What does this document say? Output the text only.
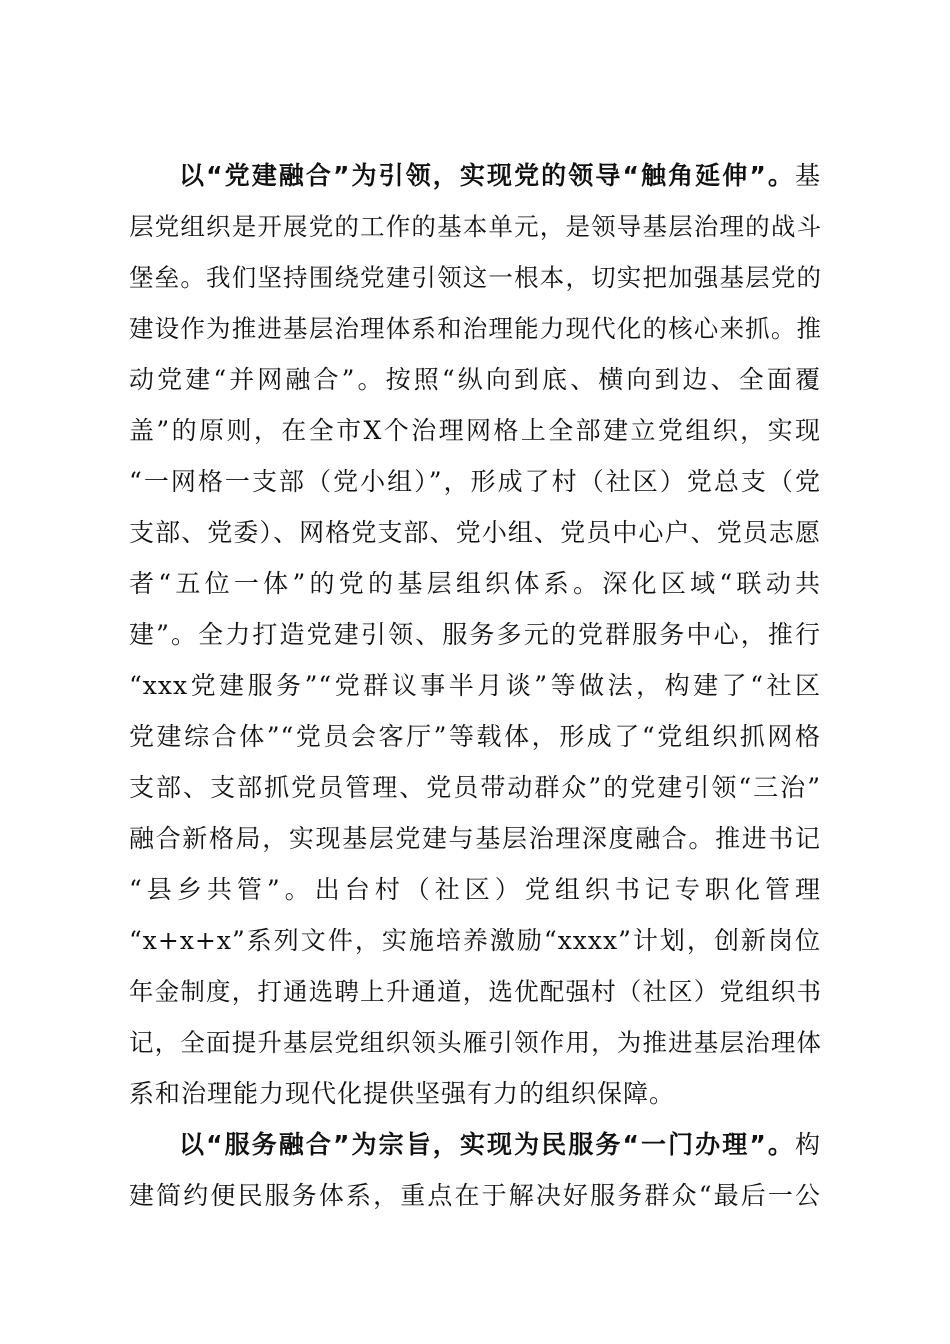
以“党建融合”为引领，实现党的领导“触角延伸”。基
层党组织是开展党的工作的基本单元，是领导基层治理的战斗
堡垒。我们坚持围绕党建引领这一根本，切实把加强基层党的
建设作为推进基层治理体系和治理能力现代化的核心来抓。推
动党建“并网融合”。按照“纵向到底、横向到边、全面覆
盖”的原则，在全市X个治理网格上全部建立党组织，实现
“一网格一支部（党小组）”，形成了村（社区）党总支（党
支部、党委）、网格党支部、党小组、党员中心户、党员志愿
者“五位一体”的党的基层组织体系。深化区域“联动共
建”。全力打造党建引领、服务多元的党群服务中心，推行
“xxx党建服务”“党群议事半月谈”等做法，构建了“社区
党建综合体”“党员会客厅”等载体，形成了“党组织抓网格
支部、支部抓党员管理、党员带动群众”的党建引领“三治”
融合新格局，实现基层党建与基层治理深度融合。推进书记
“县乡共管”。出台村（社区）党组织书记专职化管理
“x+x+x”系列文件，实施培养激励“xxxx”计划，创新岗位
年金制度，打通选聘上升通道，选优配强村（社区）党组织书
记，全面提升基层党组织领头雁引领作用，为推进基层治理体
系和治理能力现代化提供坚强有力的组织保障。
以“服务融合”为宗旨，实现为民服务“一门办理”。构
建简约便民服务体系，重点在于解决好服务群众“最后一公
